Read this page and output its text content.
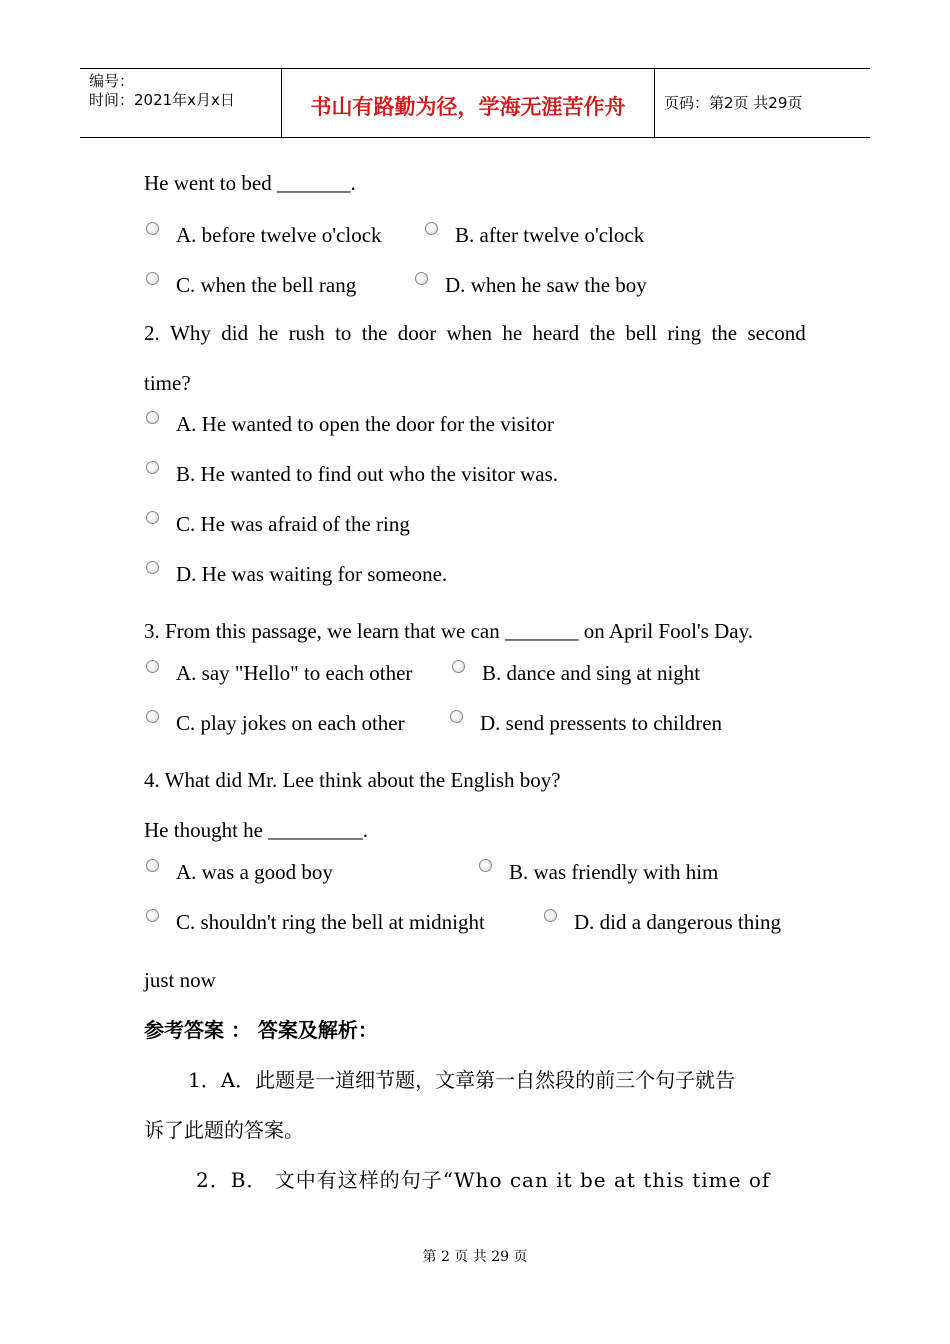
编号：
时间：2021年x月x日	书山有路勤为径，学海无涯苦作舟	页码：第2页 共29页
He went to bed _______.
A. before twelve o'clock	B. after twelve o'clock
C. when the bell rang	D. when he saw the boy
2. Why did he rush to the door when he heard the bell ring the second
time?
A. He wanted to open the door for the visitor
B. He wanted to find out who the visitor was.
C. He was afraid of the ring
D. He was waiting for someone.
3. From this passage, we learn that we can _______ on April Fool's Day.
A. say "Hello" to each other	B. dance and sing at night
C. play jokes on each other	D. send pressents to children
4. What did Mr. Lee think about the English boy?
He thought he _________.
A. was a good boy	B. was friendly with him
C. shouldn't ring the bell at midnight	D. did a dangerous thing
just now
参考答案 ： 答案及解析：
1．A．此题是一道细节题，文章第一自然段的前三个句子就告
诉了此题的答案。
2．B． 文中有这样的句子“Who can it be at this time of
第 2 页 共 29 页
